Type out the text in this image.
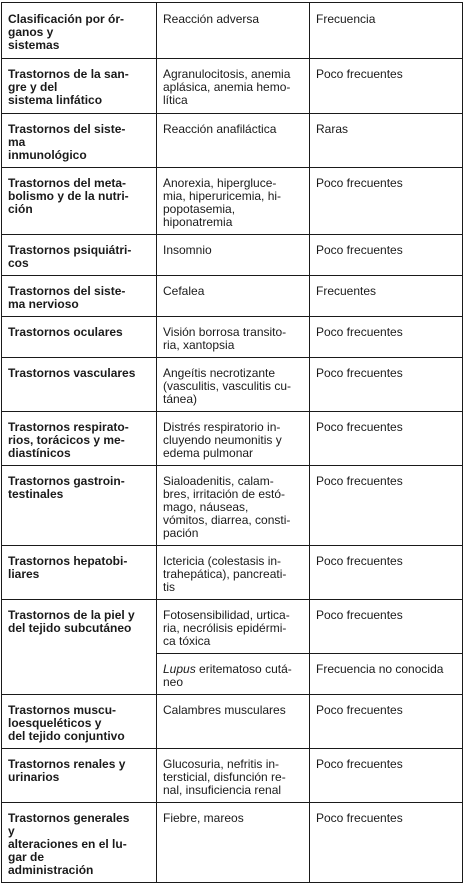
Clasificación por ór-
ganos y
sistemas	Reacción adversa	Frecuencia
Trastornos de la san-
gre y del
sistema linfático	Agranulocitosis, anemia
aplásica, anemia hemo-
lítica	Poco frecuentes
Trastornos del siste-
ma
inmunológico	Reacción anafiláctica	Raras
Trastornos del meta-
bolismo y de la nutri-
ción	Anorexia, hiperglucе-
mia, hiperuricemia, hi-
popotasemia,
hiponatremia	Poco frecuentes
Trastornos psiquiátri-
cos	Insomnio	Poco frecuentes
Trastornos del siste-
ma nervioso	Cefalea	Frecuentes
Trastornos oculares	Visión borrosa transito-
ria, xantopsia	Poco frecuentes
Trastornos vasculares	Angeítis necrotizante
(vasculitis, vasculitis cu-
tánea)	Poco frecuentes
Trastornos respirato-
rios, torácicos y me-
diastínicos	Distrés respiratorio in-
cluyendo neumonitis y
edema pulmonar	Poco frecuentes
Trastornos gastroin-
testinales	Sialoadenitis, calam-
bres, irritación de estó-
mago, náuseas,
vómitos, diarrea, consti-
pación	Poco frecuentes
Trastornos hepatobi-
liares	Ictericia (colestasis in-
trahepática), pancreati-
tis	Poco frecuentes
Trastornos de la piel y
del tejido subcutáneo	Fotosensibilidad, urtica-
ria, necrólisis epidérmi-
ca tóxica	Poco frecuentes
	Lupus eritematoso cutá-
neo	Frecuencia no conocida
Trastornos muscu-
loesqueléticos y
del tejido conjuntivo	Calambres musculares	Poco frecuentes
Trastornos renales y
urinarios	Glucosuria, nefritis in-
tersticial, disfunción re-
nal, insuficiencia renal	Poco frecuentes
Trastornos generales
y
alteraciones en el lu-
gar de
administración	Fiebre, mareos	Poco frecuentes
